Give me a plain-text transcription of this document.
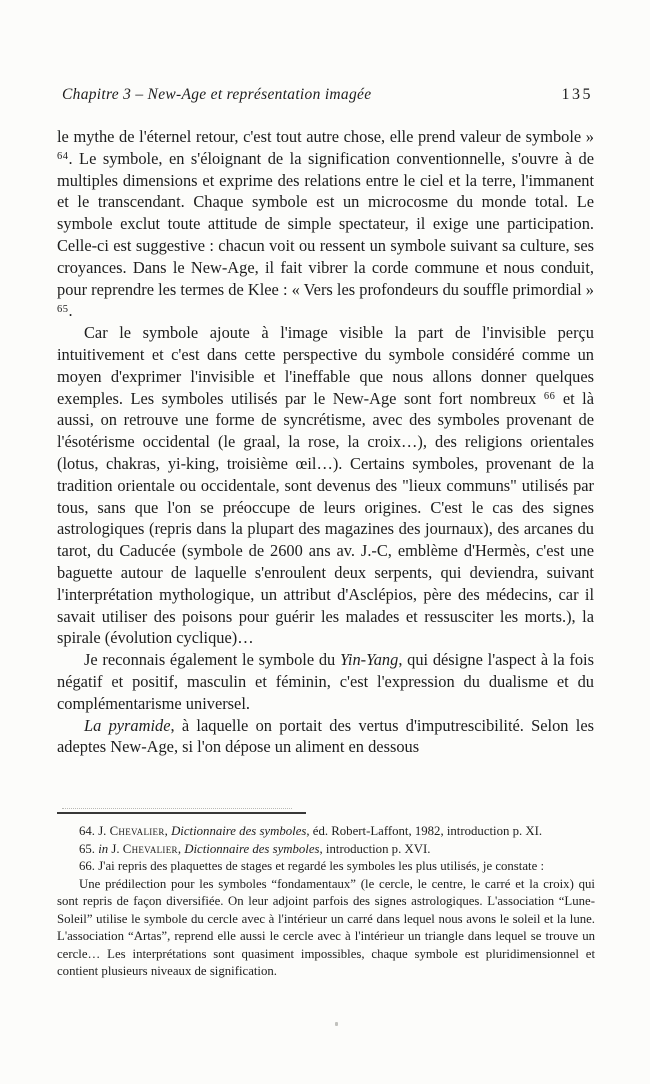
Chapitre 3 – New-Age et représentation imagée	135

le mythe de l'éternel retour, c'est tout autre chose, elle prend valeur de symbole » $^{64}$. Le symbole, en s'éloignant de la signification conventionnelle, s'ouvre à de multiples dimensions et exprime des relations entre le ciel et la terre, l'immanent et le transcendant. Chaque symbole est un microcosme du monde total. Le symbole exclut toute attitude de simple spectateur, il exige une participation. Celle-ci est suggestive : chacun voit ou ressent un symbole suivant sa culture, ses croyances. Dans le New-Age, il fait vibrer la corde commune et nous conduit, pour reprendre les termes de Klee : « Vers les profondeurs du souffle primordial » $^{65}$.

Car le symbole ajoute à l'image visible la part de l'invisible perçu intuitivement et c'est dans cette perspective du symbole considéré comme un moyen d'exprimer l'invisible et l'ineffable que nous allons donner quelques exemples. Les symboles utilisés par le New-Age sont fort nombreux $^{66}$ et là aussi, on retrouve une forme de syncrétisme, avec des symboles provenant de l'ésotérisme occidental (le graal, la rose, la croix…), des religions orientales (lotus, chakras, yi-king, troisième œil…). Certains symboles, provenant de la tradition orientale ou occidentale, sont devenus des "lieux communs" utilisés par tous, sans que l'on se préoccupe de leurs origines. C'est le cas des signes astrologiques (repris dans la plupart des magazines des journaux), des arcanes du tarot, du Caducée (symbole de 2600 ans av. J.-C, emblème d'Hermès, c'est une baguette autour de laquelle s'enroulent deux serpents, qui deviendra, suivant l'interprétation mythologique, un attribut d'Asclépios, père des médecins, car il savait utiliser des poisons pour guérir les malades et ressusciter les morts.), la spirale (évolution cyclique)…

Je reconnais également le symbole du Yin-Yang, qui désigne l'aspect à la fois négatif et positif, masculin et féminin, c'est l'expression du dualisme et du complémentarisme universel.

La pyramide, à laquelle on portait des vertus d'imputrescibilité. Selon les adeptes New-Age, si l'on dépose un aliment en dessous

64. J. Chevalier, Dictionnaire des symboles, éd. Robert-Laffont, 1982, introduction p. XI.

65. in J. Chevalier, Dictionnaire des symboles, introduction p. XVI.

66. J'ai repris des plaquettes de stages et regardé les symboles les plus utilisés, je constate :

Une prédilection pour les symboles “fondamentaux” (le cercle, le centre, le carré et la croix) qui sont repris de façon diversifiée. On leur adjoint parfois des signes astrologiques. L'association “Lune-Soleil” utilise le symbole du cercle avec à l'intérieur un carré dans lequel nous avons le soleil et la lune. L'association “Artas”, reprend elle aussi le cercle avec à l'intérieur un triangle dans lequel se trouve un cercle… Les interprétations sont quasiment impossibles, chaque symbole est pluridimensionnel et contient plusieurs niveaux de signification.
